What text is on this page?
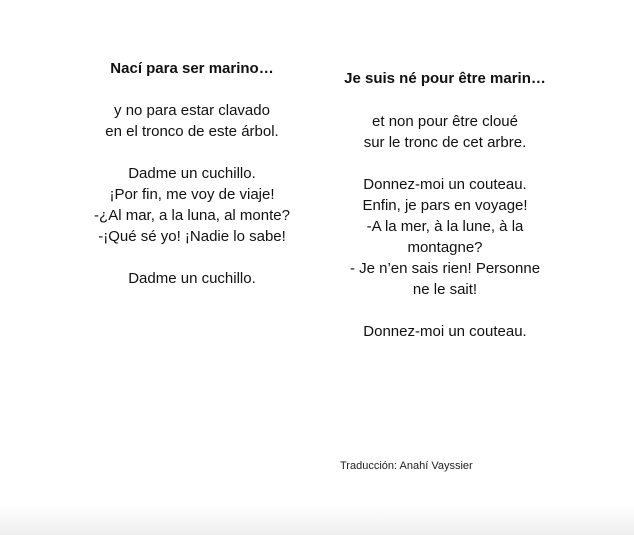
Nací para ser marino…
y no para estar clavado
en el tronco de este árbol.
Dadme un cuchillo.
¡Por fin, me voy de viaje!
-¿Al mar, a la luna, al monte?
-¡Qué sé yo! ¡Nadie lo sabe!
Dadme un cuchillo.
Je suis né pour être marin…
et non pour être cloué
sur le tronc de cet arbre.
Donnez-moi un couteau.
Enfin, je pars en voyage!
-A la mer, à la lune, à la
montagne?
- Je n’en sais rien! Personne
ne le sait!
Donnez-moi un couteau.
Traducción: Anahí Vayssier
